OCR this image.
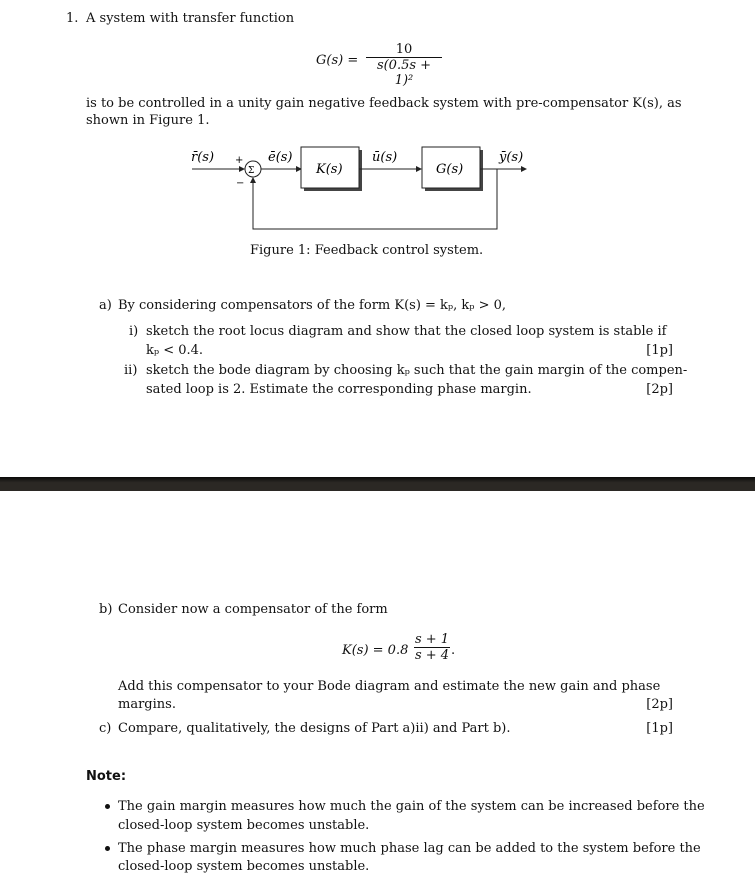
1. A system with transfer function
$G(s) = \frac{10}{\text{s(0.5s + 1)²}}$
is to be controlled in a unity gain negative feedback system with pre-compensator K(s), as
shown in Figure 1.
Σ	K(s)	G(s)
r̄(s) +
−
ē(s)	ū(s)	ȳ(s)
Figure 1: Feedback control system.
a) By considering compensators of the form K(s) = kₚ, kₚ > 0,
i) sketch the root locus diagram and show that the closed loop system is stable if
kₚ < 0.4.	[1p]
ii) sketch the bode diagram by choosing kₚ such that the gain margin of the compen-
sated loop is 2. Estimate the corresponding phase margin.	[2p]
b) Consider now a compensator of the form
$K(s) = 0.8 \frac{s + 1}{s + 4}$ .
Add this compensator to your Bode diagram and estimate the new gain and phase
margins.	[2p]
c) Compare, qualitatively, the designs of Part a)ii) and Part b).	[1p]
Note:
The gain margin measures how much the gain of the system can be increased before the
closed-loop system becomes unstable.
The phase margin measures how much phase lag can be added to the system before the
closed-loop system becomes unstable.
